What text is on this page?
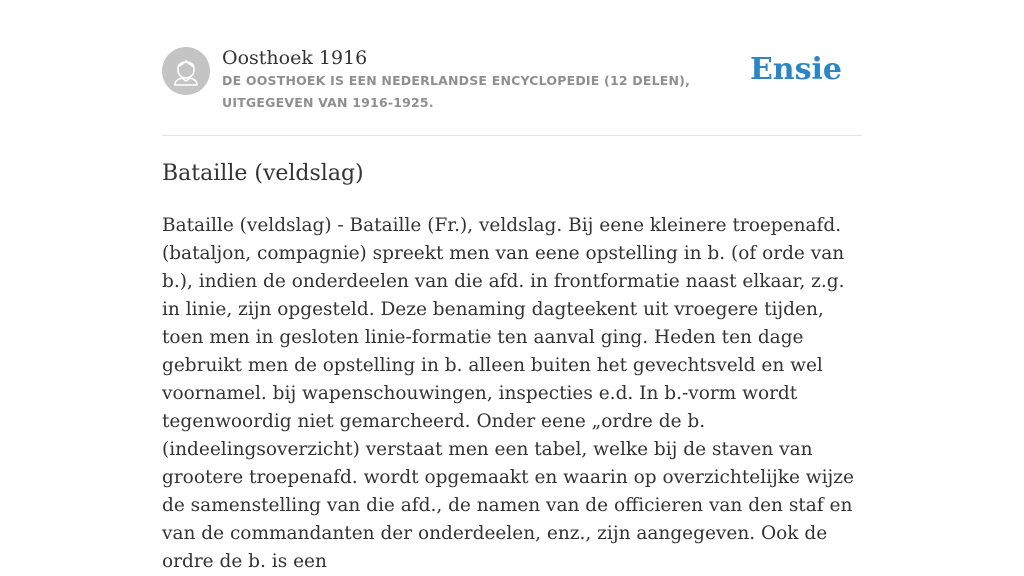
Oosthoek 1916

DE OOSTHOEK IS EEN NEDERLANDSE ENCYCLOPEDIE (12 DELEN), UITGEGEVEN VAN 1916-1925.

Ensie
Bataille (veldslag)

Bataille (veldslag) - Bataille (Fr.), veldslag. Bij eene kleinere troepenafd. (bataljon, compagnie) spreekt men van eene opstelling in b. (of orde van b.), indien de onderdeelen van die afd. in frontformatie naast elkaar, z.g. in linie, zijn opgesteld. Deze benaming dagteekent uit vroegere tijden, toen men in gesloten linie-formatie ten aanval ging. Heden ten dage gebruikt men de opstelling in b. alleen buiten het gevechtsveld en wel voornamel. bij wapenschouwingen, inspecties e.d. In b.-vorm wordt tegenwoordig niet gemarcheerd. Onder eene „ordre de b. (indeelingsoverzicht) verstaat men een tabel, welke bij de staven van grootere troepenafd. wordt opgemaakt en waarin op overzichtelijke wijze de samenstelling van die afd., de namen van de officieren van den staf en van de commandanten der onderdeelen, enz., zijn aangegeven. Ook de ordre de b. is een
